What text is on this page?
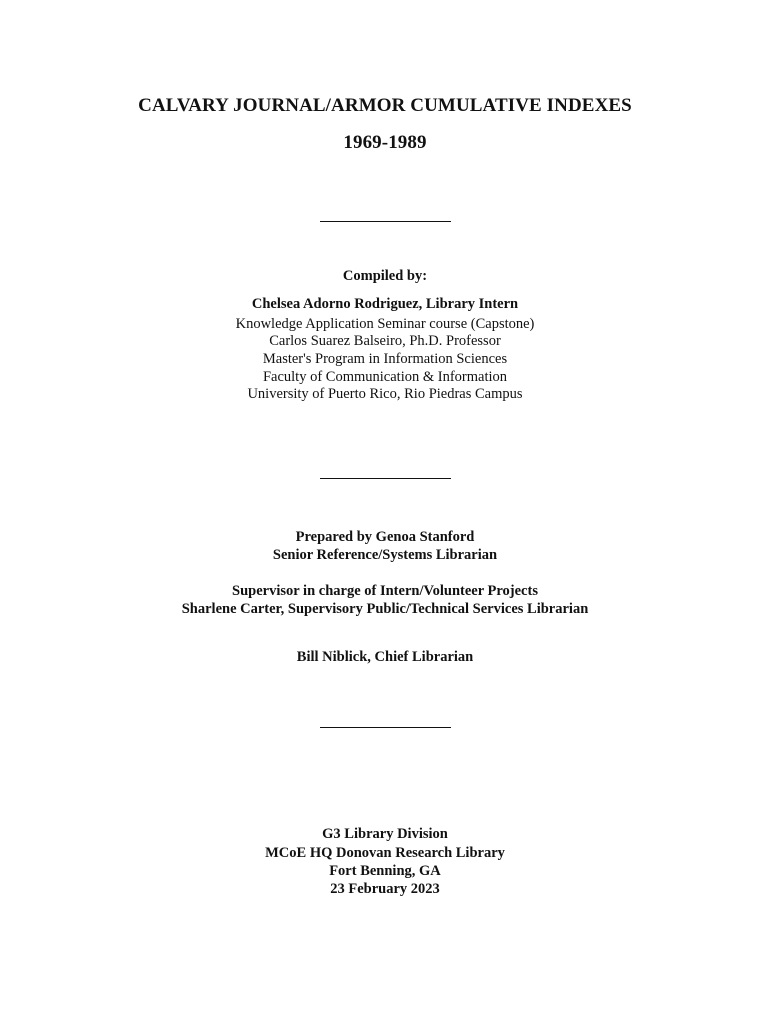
CALVARY JOURNAL/ARMOR CUMULATIVE INDEXES
1969-1989
Compiled by:
Chelsea Adorno Rodriguez, Library Intern
Knowledge Application Seminar course (Capstone)
Carlos Suarez Balseiro, Ph.D. Professor
Master's Program in Information Sciences
Faculty of Communication & Information
University of Puerto Rico, Rio Piedras Campus
Prepared by Genoa Stanford
Senior Reference/Systems Librarian
Supervisor in charge of Intern/Volunteer Projects
Sharlene Carter, Supervisory Public/Technical Services Librarian
Bill Niblick, Chief Librarian
G3 Library Division
MCoE HQ Donovan Research Library
Fort Benning, GA
23 February 2023
